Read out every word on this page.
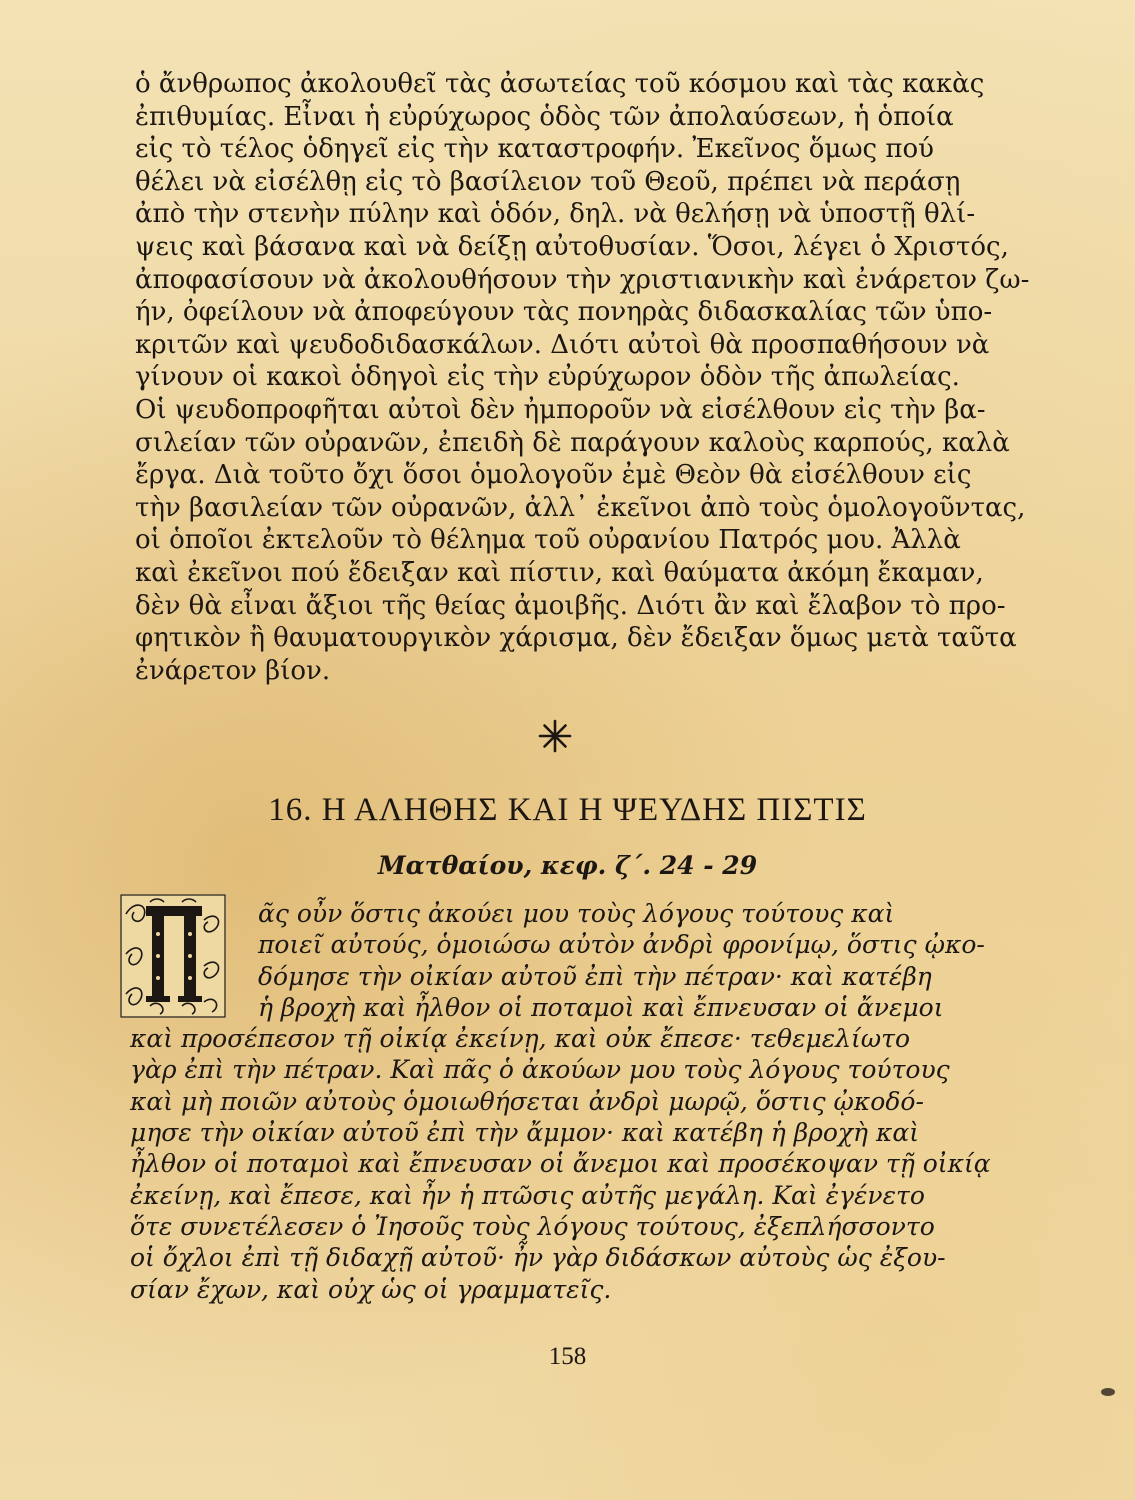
ὁ ἄνθρωπος ἀκολουθεῖ τὰς ἀσωτείας τοῦ κόσμου καὶ τὰς κακὰς
ἐπιθυμίας. Εἶναι ἡ εὐρύχωρος ὁδὸς τῶν ἀπολαύσεων, ἡ ὁποία
εἰς τὸ τέλος ὁδηγεῖ εἰς τὴν καταστροφήν. Ἐκεῖνος ὅμως πού
θέλει νὰ εἰσέλθῃ εἰς τὸ βασίλειον τοῦ Θεοῦ, πρέπει νὰ περάσῃ
ἀπὸ τὴν στενὴν πύλην καὶ ὁδόν, δηλ. νὰ θελήσῃ νὰ ὑποστῇ θλί-
ψεις καὶ βάσανα καὶ νὰ δείξῃ αὐτοθυσίαν. Ὅσοι, λέγει ὁ Χριστός,
ἀποφασίσουν νὰ ἀκολουθήσουν τὴν χριστιανικὴν καὶ ἐνάρετον ζω-
ήν, ὀφείλουν νὰ ἀποφεύγουν τὰς πονηρὰς διδασκαλίας τῶν ὑπο-
κριτῶν καὶ ψευδοδιδασκάλων. Διότι αὐτοὶ θὰ προσπαθήσουν νὰ
γίνουν οἱ κακοὶ ὁδηγοὶ εἰς τὴν εὐρύχωρον ὁδὸν τῆς ἀπωλείας.
Οἱ ψευδοπροφῆται αὐτοὶ δὲν ἠμποροῦν νὰ εἰσέλθουν εἰς τὴν βα-
σιλείαν τῶν οὐρανῶν, ἐπειδὴ δὲ παράγουν καλοὺς καρπούς, καλὰ
ἔργα. Διὰ τοῦτο ὄχι ὅσοι ὁμολογοῦν ἐμὲ Θεὸν θὰ εἰσέλθουν εἰς
τὴν βασιλείαν τῶν οὐρανῶν, ἀλλ᾽ ἐκεῖνοι ἀπὸ τοὺς ὁμολογοῦντας,
οἱ ὁποῖοι ἐκτελοῦν τὸ θέλημα τοῦ οὐρανίου Πατρός μου. Ἀλλὰ
καὶ ἐκεῖνοι πού ἔδειξαν καὶ πίστιν, καὶ θαύματα ἀκόμη ἔκαμαν,
δὲν θὰ εἶναι ἄξιοι τῆς θείας ἀμοιβῆς. Διότι ἂν καὶ ἔλαβον τὸ προ-
φητικὸν ἢ θαυματουργικὸν χάρισμα, δὲν ἔδειξαν ὅμως μετὰ ταῦτα
ἐνάρετον βίον.
16. Η ΑΛΗΘΗΣ ΚΑΙ Η ΨΕΥΔΗΣ ΠΙΣΤΙΣ
Ματθαίου, κεφ. ζ΄. 24 - 29
ᾶς οὖν ὅστις ἀκούει μου τοὺς λόγους τούτους καὶ
ποιεῖ αὐτούς, ὁμοιώσω αὐτὸν ἀνδρὶ φρονίμῳ, ὅστις ᾠκο-
δόμησε τὴν οἰκίαν αὐτοῦ ἐπὶ τὴν πέτραν· καὶ κατέβη
ἡ βροχὴ καὶ ἦλθον οἱ ποταμοὶ καὶ ἔπνευσαν οἱ ἄνεμοι
καὶ προσέπεσον τῇ οἰκίᾳ ἐκείνῃ, καὶ οὐκ ἔπεσε· τεθεμελίωτο
γὰρ ἐπὶ τὴν πέτραν. Καὶ πᾶς ὁ ἀκούων μου τοὺς λόγους τούτους
καὶ μὴ ποιῶν αὐτοὺς ὁμοιωθήσεται ἀνδρὶ μωρῷ, ὅστις ᾠκοδό-
μησε τὴν οἰκίαν αὐτοῦ ἐπὶ τὴν ἄμμον· καὶ κατέβη ἡ βροχὴ καὶ
ἦλθον οἱ ποταμοὶ καὶ ἔπνευσαν οἱ ἄνεμοι καὶ προσέκοψαν τῇ οἰκίᾳ
ἐκείνῃ, καὶ ἔπεσε, καὶ ἦν ἡ πτῶσις αὐτῆς μεγάλη. Καὶ ἐγένετο
ὅτε συνετέλεσεν ὁ Ἰησοῦς τοὺς λόγους τούτους, ἐξεπλήσσοντο
οἱ ὄχλοι ἐπὶ τῇ διδαχῇ αὐτοῦ· ἦν γὰρ διδάσκων αὐτοὺς ὡς ἐξου-
σίαν ἔχων, καὶ οὐχ ὡς οἱ γραμματεῖς.
158
